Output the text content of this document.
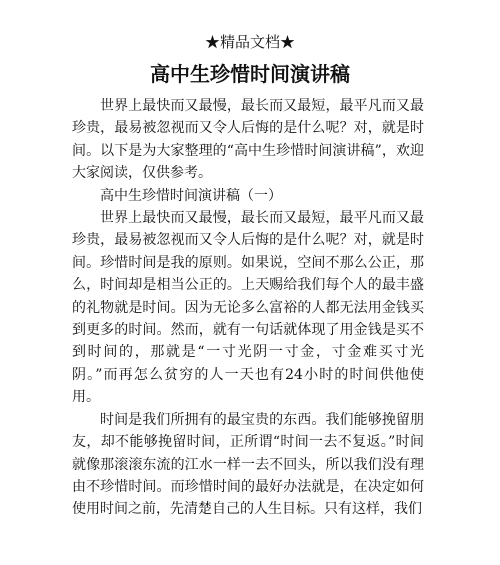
★精品文档★
高中生珍惜时间演讲稿

世界上最快而又最慢，最长而又最短，最平凡而又最珍贵，最易被忽视而又令人后悔的是什么呢？对，就是时间。以下是为大家整理的“高中生珍惜时间演讲稿”，欢迎大家阅读，仅供参考。

高中生珍惜时间演讲稿（一）

世界上最快而又最慢，最长而又最短，最平凡而又最珍贵，最易被忽视而又令人后悔的是什么呢？对，就是时间。珍惜时间是我的原则。如果说，空间不那么公正，那么，时间却是相当公正的。上天赐给我们每个人的最丰盛的礼物就是时间。因为无论多么富裕的人都无法用金钱买到更多的时间。然而，就有一句话就体现了用金钱是买不到时间的，那就是“一寸光阴一寸金，寸金难买寸光阴。”而再怎么贫穷的人一天也有24小时的时间供他使用。

时间是我们所拥有的最宝贵的东西。我们能够挽留朋友，却不能够挽留时间，正所谓“时间一去不复返。”时间就像那滚滚东流的江水一样一去不回头，所以我们没有理由不珍惜时间。而珍惜时间的最好办法就是，在决定如何使用时间之前，先清楚自己的人生目标。只有这样，我们
